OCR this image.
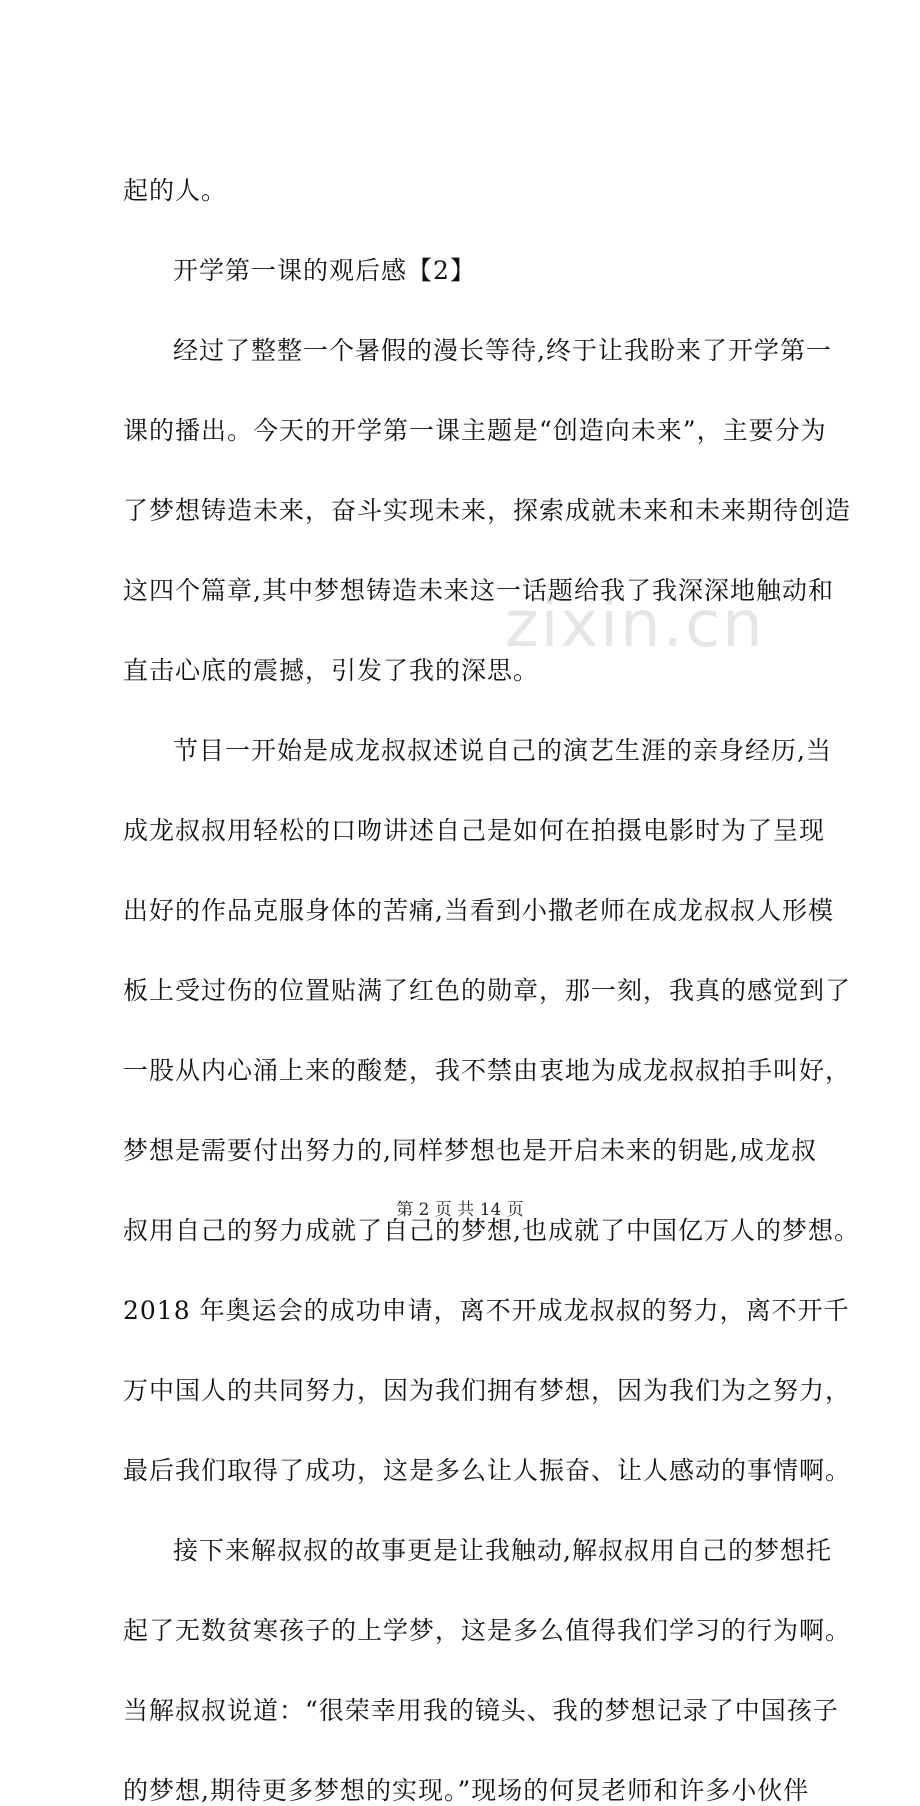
zixin.cn
起的人。
开学第一课的观后感【2】
经过了整整一个暑假的漫长等待,终于让我盼来了开学第一
课的播出。今天的开学第一课主题是“创造向未来”，主要分为
了梦想铸造未来，奋斗实现未来，探索成就未来和未来期待创造
这四个篇章,其中梦想铸造未来这一话题给我了我深深地触动和
直击心底的震撼，引发了我的深思。
节目一开始是成龙叔叔述说自己的演艺生涯的亲身经历,当
成龙叔叔用轻松的口吻讲述自己是如何在拍摄电影时为了呈现
出好的作品克服身体的苦痛,当看到小撒老师在成龙叔叔人形模
板上受过伤的位置贴满了红色的勋章，那一刻，我真的感觉到了
一股从内心涌上来的酸楚，我不禁由衷地为成龙叔叔拍手叫好，
梦想是需要付出努力的,同样梦想也是开启未来的钥匙,成龙叔
叔用自己的努力成就了自己的梦想,也成就了中国亿万人的梦想。
2018 年奥运会的成功申请，离不开成龙叔叔的努力，离不开千
万中国人的共同努力，因为我们拥有梦想，因为我们为之努力，
最后我们取得了成功，这是多么让人振奋、让人感动的事情啊。
接下来解叔叔的故事更是让我触动,解叔叔用自己的梦想托
起了无数贫寒孩子的上学梦，这是多么值得我们学习的行为啊。
当解叔叔说道：“很荣幸用我的镜头、我的梦想记录了中国孩子
的梦想,期待更多梦想的实现。”现场的何炅老师和许多小伙伴
第 2 页 共 14 页
